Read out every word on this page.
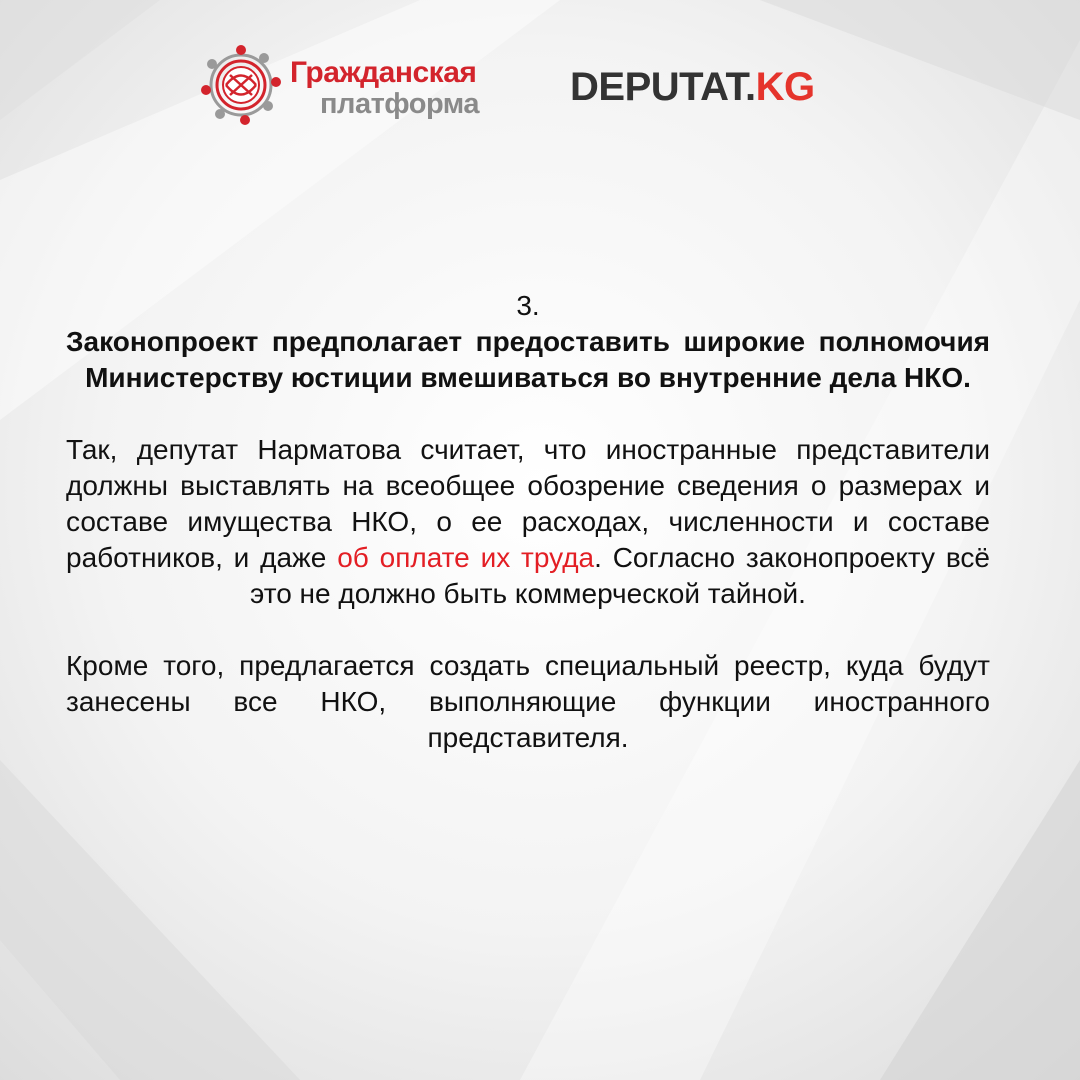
Гражданская
платформа DEPUTAT.KG

3.

Законопроект предполагает предоставить широкие полномочия Министерству юстиции вмешиваться во внутренние дела НКО.

Так, депутат Нарматова считает, что иностранные представители должны выставлять на всеобщее обозрение сведения о размерах и составе имущества НКО, о ее расходах, численности и составе работников, и даже об оплате их труда. Согласно законопроекту всё это не должно быть коммерческой тайной.

Кроме того, предлагается создать специальный реестр, куда будут занесены все НКО, выполняющие функции иностранного представителя.
